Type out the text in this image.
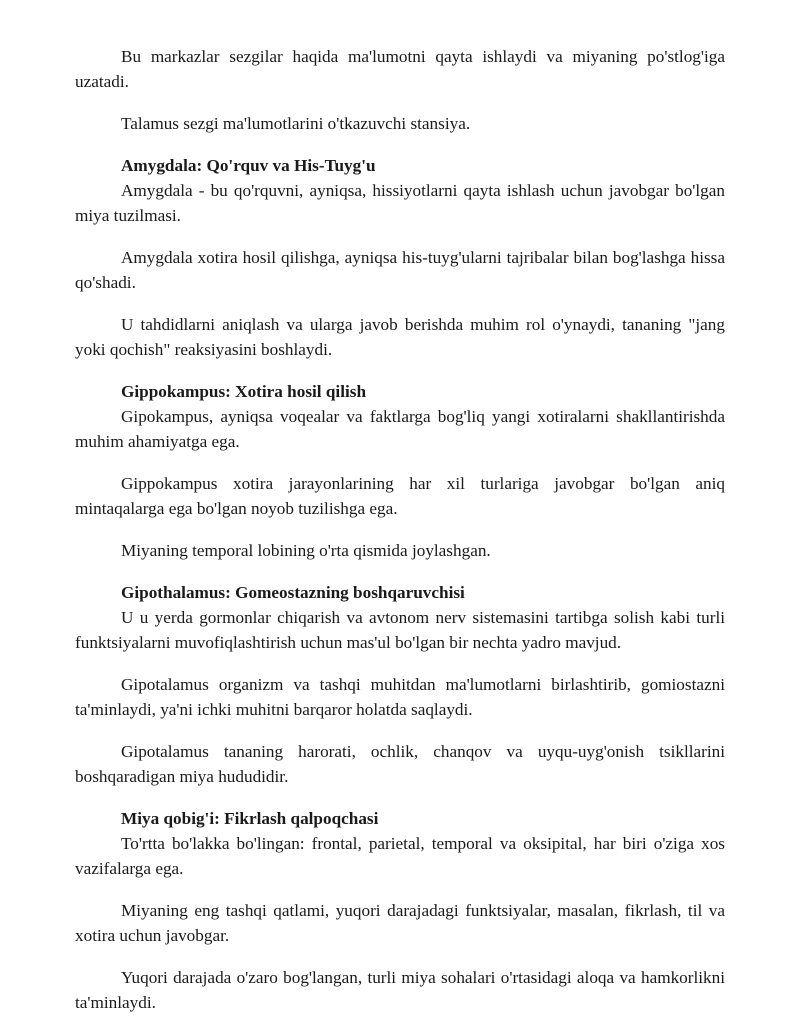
Bu markazlar sezgilar haqida ma'lumotni qayta ishlaydi va miyaning po'stlog'iga uzatadi.

Talamus sezgi ma'lumotlarini o'tkazuvchi stansiya.

Amygdala: Qo'rquv va His-Tuyg'u

Amygdala - bu qo'rquvni, ayniqsa, hissiyotlarni qayta ishlash uchun javobgar bo'lgan miya tuzilmasi.

Amygdala xotira hosil qilishga, ayniqsa his-tuyg'ularni tajribalar bilan bog'lashga hissa qo'shadi.

U tahdidlarni aniqlash va ularga javob berishda muhim rol o'ynaydi, tananing "jang yoki qochish" reaksiyasini boshlaydi.

Gippokampus: Xotira hosil qilish

Gipokampus, ayniqsa voqealar va faktlarga bog'liq yangi xotiralarni shakllantirishda muhim ahamiyatga ega.

Gippokampus xotira jarayonlarining har xil turlariga javobgar bo'lgan aniq mintaqalarga ega bo'lgan noyob tuzilishga ega.

Miyaning temporal lobining o'rta qismida joylashgan.

Gipothalamus: Gomeostazning boshqaruvchisi

U u yerda gormonlar chiqarish va avtonom nerv sistemasini tartibga solish kabi turli funktsiyalarni muvofiqlashtirish uchun mas'ul bo'lgan bir nechta yadro mavjud.

Gipotalamus organizm va tashqi muhitdan ma'lumotlarni birlashtirib, gomiostazni ta'minlaydi, ya'ni ichki muhitni barqaror holatda saqlaydi.

Gipotalamus tananing harorati, ochlik, chanqov va uyqu-uyg'onish tsikllarini boshqaradigan miya hududidir.

Miya qobig'i: Fikrlash qalpoqchasi

To'rtta bo'lakka bo'lingan: frontal, parietal, temporal va oksipital, har biri o'ziga xos vazifalarga ega.

Miyaning eng tashqi qatlami, yuqori darajadagi funktsiyalar, masalan, fikrlash, til va xotira uchun javobgar.

Yuqori darajada o'zaro bog'langan, turli miya sohalari o'rtasidagi aloqa va hamkorlikni ta'minlaydi.
